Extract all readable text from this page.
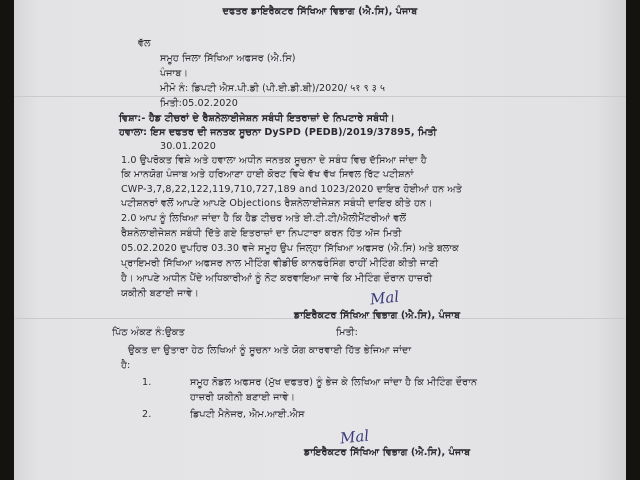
ਦਫਤਰ ਡਾਇਰੈਕਟਰ ਸਿੱਖਿਆ ਵਿਭਾਗ (ਐ.ਸਿ), ਪੰਜਾਬ
ਵੱਲ
ਸਮੂਹ ਜਿਲਾ ਸਿੱਖਿਆ ਅਫਸਰ (ਐ.ਸਿ)
ਪੰਜਾਬ।
ਮੀਮੋ ਨੰ: ਡਿਪਟੀ ਐਸ.ਪੀ.ਡੀ (ਪੀ.ਈ.ਡੀ.ਬੀ)/2020/ ५१ ९ ३ ५
ਮਿਤੀ:05.02.2020
ਵਿਸ਼ਾ:- ਹੈਡ ਟੀਚਰਾਂ ਦੇ ਰੈਸ਼ਨੇਲਾਈਜੇਸ਼ਨ ਸਬੰਧੀ ਇਤਰਾਜ਼ਾਂ ਦੇ ਨਿਪਟਾਰੇ ਸਬੰਧੀ।
ਹਵਾਲਾ: ਇਸ ਦਫਤਰ ਦੀ ਜਨਤਕ ਸੂਚਨਾ DySPD (PEDB)/2019/37895, ਮਿਤੀ
30.01.2020
1.0 ਉਪਰੋਕਤ ਵਿਸ਼ੇ ਅਤੇ ਹਵਾਲਾ ਅਧੀਨ ਜਨਤਕ ਸੂਚਨਾ ਦੇ ਸਬੰਧ ਵਿਚ ਦੱਸਿਆ ਜਾਂਦਾ ਹੈ
ਕਿ ਮਾਨਯੋਗ ਪੰਜਾਬ ਅਤੇ ਹਰਿਆਣਾ ਹਾਈ ਕੋਰਟ ਵਿਖੇ ਵੱਖ ਵੱਖ ਸਿਵਲ ਰਿੱਟ ਪਟੀਸ਼ਨਾਂ
CWP-3,7,8,22,122,119,710,727,189 and 1023/2020 ਦਾਇਰ ਹੋਈਆਂ ਹਨ ਅਤੇ
ਪਟੀਸ਼ਨਰਾਂ ਵਲੋਂ ਆਪਣੇ ਆਪਣੇ Objections ਰੈਸ਼ਨੇਲਾਈਜੇਸ਼ਨ ਸਬੰਧੀ ਦਾਇਰ ਕੀਤੇ ਹਨ।
2.0 ਆਪ ਨੂੰ ਲਿਖਿਆ ਜਾਂਦਾ ਹੈ ਕਿ ਹੈਡ ਟੀਚਰ ਅਤੇ ਈ.ਟੀ.ਟੀ/ਐਲੀਮੈਂਟਰੀਆਂ ਵਲੋਂ
ਰੈਸ਼ਨੇਲਾਈਜੇਸ਼ਨ ਸਬੰਧੀ ਦਿੱਤੇ ਗਏ ਇਤਰਾਜ਼ਾਂ ਦਾ ਨਿਪਟਾਰਾ ਕਰਨ ਹਿੱਤ ਅੱਜ ਮਿਤੀ
05.02.2020 ਦੁਪਹਿਰ 03.30 ਵਜੇ ਸਮੂਹ ਉਪ ਜਿਲ੍ਹਾ ਸਿੱਖਿਆ ਅਫਸਰ (ਐ.ਸਿ) ਅਤੇ ਬਲਾਕ
ਪ੍ਰਾਇਮਰੀ ਸਿੱਖਿਆ ਅਫਸਰ ਨਾਲ ਮੀਟਿੰਗ ਵੀਡੀਓ ਕਾਨਫਰੰਸਿੰਗ ਰਾਹੀਂ ਮੀਟਿੰਗ ਕੀਤੀ ਜਾਣੀ
ਹੈ। ਆਪਣੇ ਅਧੀਨ ਪੈਂਦੇ ਅਧਿਕਾਰੀਆਂ ਨੂੰ ਨੋਟ ਕਰਵਾਇਆ ਜਾਵੇ ਕਿ ਮੀਟਿੰਗ ਦੌਰਾਨ ਹਾਜ਼ਰੀ
ਯਕੀਨੀ ਬਣਾਈ ਜਾਵੇ।	Mal
ਡਾਇਰੈਕਟਰ ਸਿੱਖਿਆ ਵਿਭਾਗ (ਐ.ਸਿ), ਪੰਜਾਬ
ਪਿੱਠ ਅੰਕਣ ਨੰ:ਉਕਤ	ਮਿਤੀ:
ਉਕਤ ਦਾ ਉਤਾਰਾ ਹੇਠ ਲਿਖਿਆਂ ਨੂੰ ਸੂਚਨਾ ਅਤੇ ਯੋਗ ਕਾਰਵਾਈ ਹਿੱਤ ਭੇਜਿਆ ਜਾਂਦਾ
ਹੈ:
1.	ਸਮੂਹ ਨੋਡਲ ਅਫਸਰ (ਮੁੱਖ ਦਫਤਰ) ਨੂੰ ਭੇਜ ਕੇ ਲਿਖਿਆ ਜਾਂਦਾ ਹੈ ਕਿ ਮੀਟਿੰਗ ਦੌਰਾਨ
ਹਾਜ਼ਰੀ ਯਕੀਨੀ ਬਣਾਈ ਜਾਵੇ।
2.	ਡਿਪਟੀ ਮੈਨੇਜਰ, ਐਮ.ਆਈ.ਐਸ
Mal
ਡਾਇਰੈਕਟਰ ਸਿੱਖਿਆ ਵਿਭਾਗ (ਐ.ਸਿ), ਪੰਜਾਬ
